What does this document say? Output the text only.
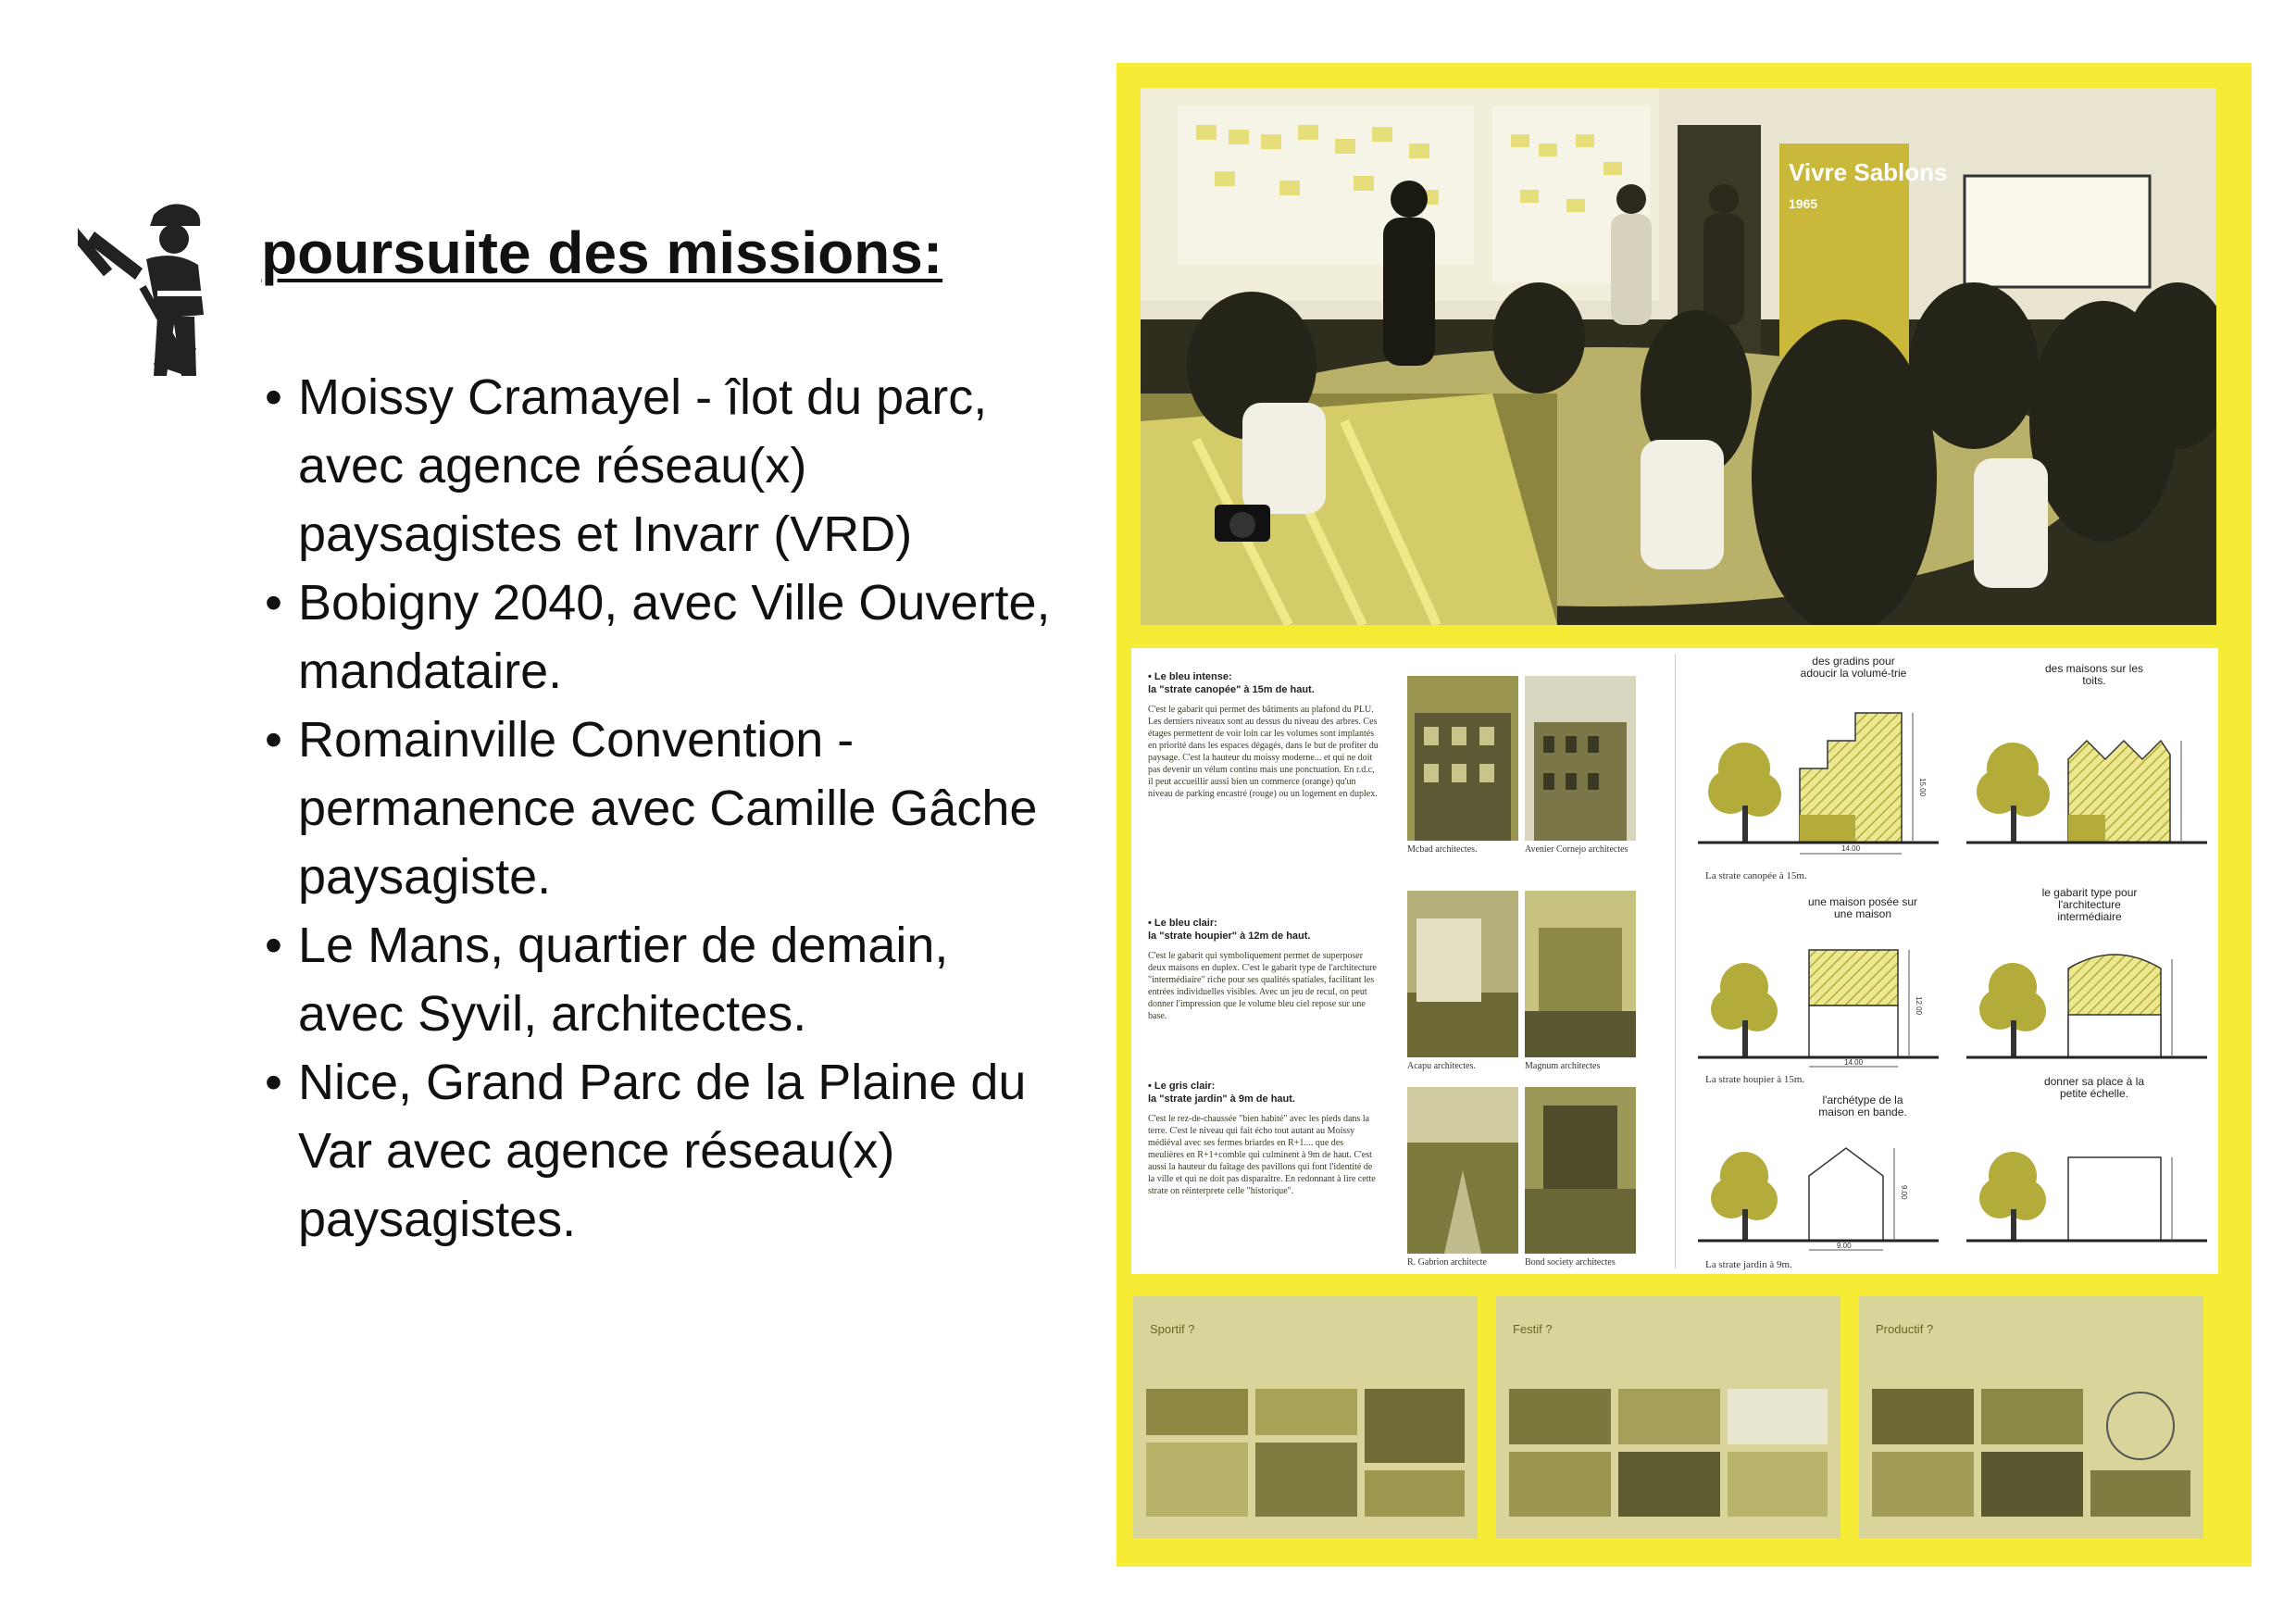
poursuite des missions:
• Moissy Cramayel - îlot du parc, avec agence réseau(x) paysagistes et Invarr (VRD)
• Bobigny 2040, avec Ville Ouverte, mandataire.
• Romainville Convention - permanence avec Camille Gâche paysagiste.
• Le Mans, quartier de demain, avec Syvil, architectes.
• Nice, Grand Parc de la Plaine du Var avec agence réseau(x) paysagistes.
Vivre Sablons
1965
• Le bleu intense:
la "strate canopée" à 15m de haut.
C'est le gabarit qui permet des bâtiments au plafond du PLU. Les derniers niveaux sont au dessus du niveau des arbres. Ces étages permettent de voir loin car les volumes sont implantés en priorité dans les espaces dégagés, dans le but de profiter du paysage. C'est la hauteur du moissy moderne... et qui ne doit pas devenir un vélum continu mais une ponctuation. En r.d.c, il peut accueillir aussi bien un commerce (orange) qu'un niveau de parking encastré (rouge) ou un logement en duplex.
• Le bleu clair:
la "strate houpier" à 12m de haut.
C'est le gabarit qui symboliquement permet de superposer deux maisons en duplex. C'est le gabarit type de l'architecture "intermédiaire" riche pour ses qualités spatiales, facilitant les entrées individuelles visibles. Avec un jeu de recul, on peut donner l'impression que le volume bleu ciel repose sur une base.
• Le gris clair:
la "strate jardin" à 9m de haut.
C'est le rez-de-chaussée "bien habité" avec les pieds dans la terre. C'est le niveau qui fait écho tout autant au Moissy médiéval avec ses fermes briardes en R+1.... que des meulières en R+1+comble qui culminent à 9m de haut. C'est aussi la hauteur du faîtage des pavillons qui font l'identité de la ville et qui ne doit pas disparaître. En redonnant à lire cette strate on réinterprete celle "historique".
Mcbad architectes.	Avenier Cornejo architectes
Acapu architectes.	Magnum architectes
R. Gabrion architecte	Bond society architectes
des gradins pour adoucir la volumé-trie	des maisons sur les toits.
14.00
15.00
La strate canopée à 15m.
une maison posée sur une maison
le gabarit type pour l'architecture intermédiaire
14.00
12.00
La strate houpier à 15m.
l'archétype de la maison en bande.
donner sa place à la petite échelle.
9.00
9.00
La strate jardin à 9m.
Sportif ?	Festif ?	Productif ?
